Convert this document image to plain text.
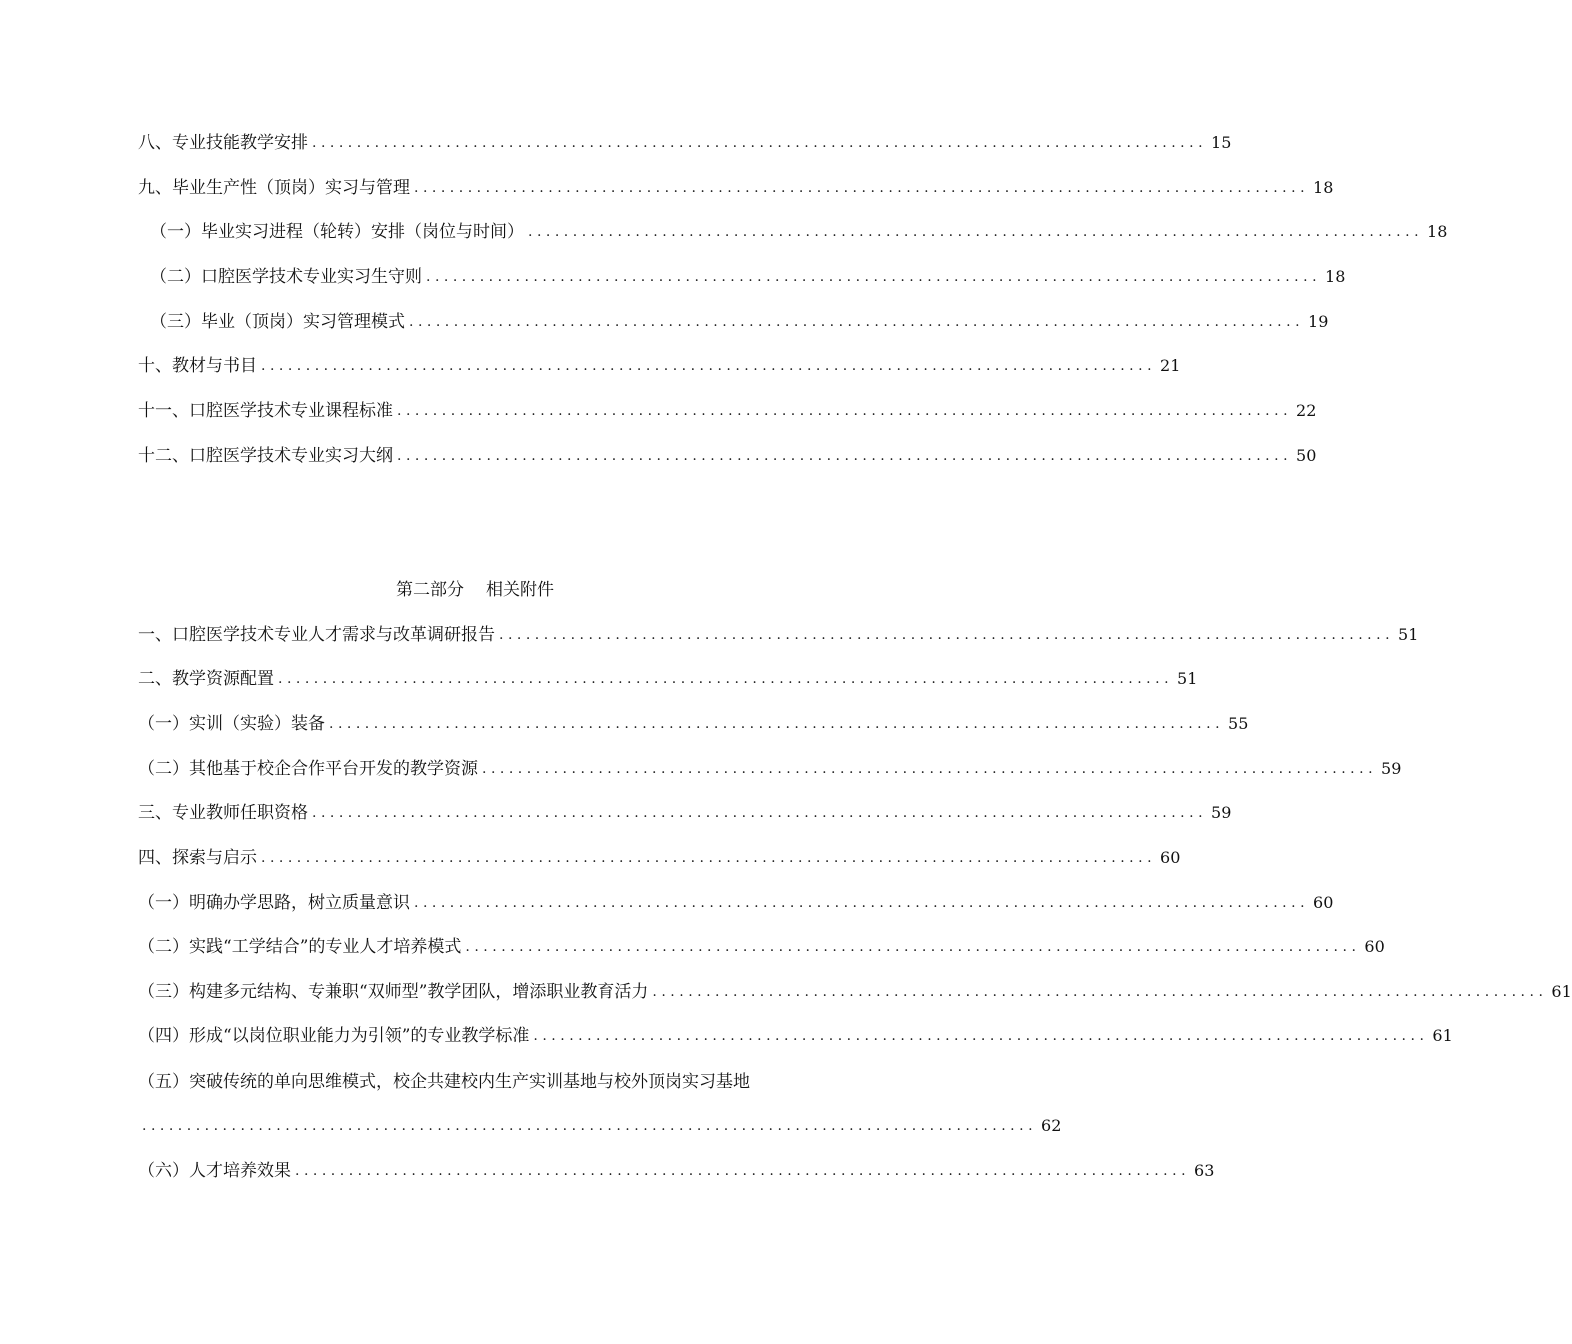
八、专业技能教学安排 .................................................................................................... 15
九、毕业生产性（顶岗）实习与管理 .................................................................................................... 18
（一）毕业实习进程（轮转）安排（岗位与时间） .................................................................................................... 18
（二）口腔医学技术专业实习生守则 .................................................................................................... 18
（三）毕业（顶岗）实习管理模式 .................................................................................................... 19
十、教材与书目 .................................................................................................... 21
十一、口腔医学技术专业课程标准 .................................................................................................... 22
十二、口腔医学技术专业实习大纲 .................................................................................................... 50
第二部分 相关附件
一、口腔医学技术专业人才需求与改革调研报告 .................................................................................................... 51
二、教学资源配置 .................................................................................................... 51
（一）实训（实验）装备 .................................................................................................... 55
（二）其他基于校企合作平台开发的教学资源 .................................................................................................... 59
三、专业教师任职资格 .................................................................................................... 59
四、探索与启示 .................................................................................................... 60
（一）明确办学思路，树立质量意识 .................................................................................................... 60
（二）实践“工学结合”的专业人才培养模式 .................................................................................................... 60
（三）构建多元结构、专兼职“双师型”教学团队，增添职业教育活力 .................................................................................................... 61
（四）形成“以岗位职业能力为引领”的专业教学标准 .................................................................................................... 61
（五）突破传统的单向思维模式，校企共建校内生产实训基地与校外顶岗实习基地
.................................................................................................... 62
（六）人才培养效果 .................................................................................................... 63
